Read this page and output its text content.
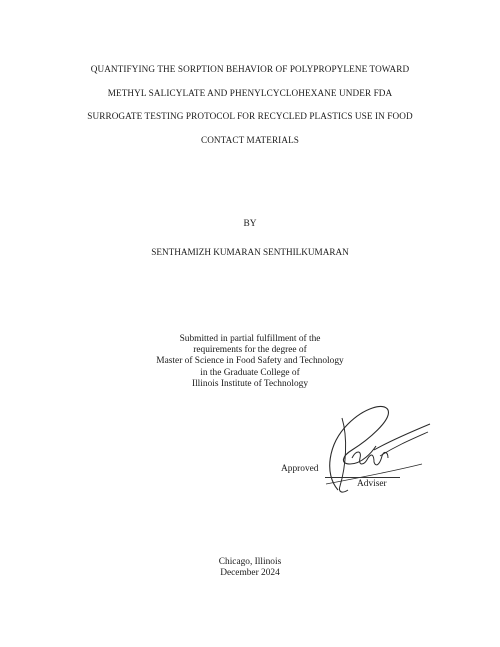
QUANTIFYING THE SORPTION BEHAVIOR OF POLYPROPYLENE TOWARD
METHYL SALICYLATE AND PHENYLCYCLOHEXANE UNDER FDA
SURROGATE TESTING PROTOCOL FOR RECYCLED PLASTICS USE IN FOOD
CONTACT MATERIALS
BY
SENTHAMIZH KUMARAN SENTHILKUMARAN
Submitted in partial fulfillment of the
requirements for the degree of
Master of Science in Food Safety and Technology
in the Graduate College of
Illinois Institute of Technology
Approved
Adviser
Chicago, Illinois
December 2024
